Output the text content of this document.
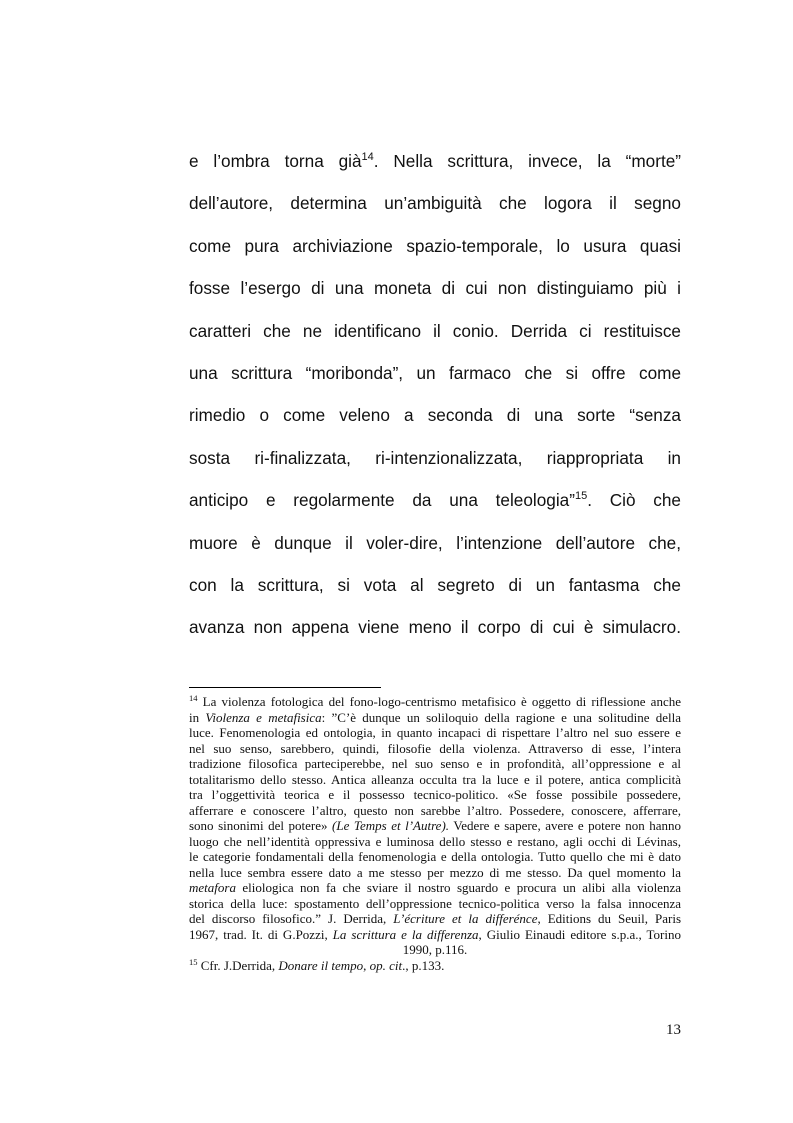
e l’ombra torna già$^{14}$. Nella scrittura, invece, la “morte”
dell’autore, determina un’ambiguità che logora il segno
come pura archiviazione spazio-temporale, lo usura quasi
fosse l’esergo di una moneta di cui non distinguiamo più i
caratteri che ne identificano il conio. Derrida ci restituisce
una scrittura “moribonda”, un farmaco che si offre come
rimedio o come veleno a seconda di una sorte “senza
sosta ri-finalizzata, ri-intenzionalizzata, riappropriata in
anticipo e regolarmente da una teleologia”$^{15}$. Ciò che
muore è dunque il voler-dire, l’intenzione dell’autore che,
con la scrittura, si vota al segreto di un fantasma che
avanza non appena viene meno il corpo di cui è simulacro.
$^{14}$ La violenza fotologica del fono-logo-centrismo metafisico è oggetto di riflessione anche
in Violenza e metafisica: ”C’è dunque un soliloquio della ragione e una solitudine della
luce. Fenomenologia ed ontologia, in quanto incapaci di rispettare l’altro nel suo essere e
nel suo senso, sarebbero, quindi, filosofie della violenza. Attraverso di esse, l’intera
tradizione filosofica parteciperebbe, nel suo senso e in profondità, all’oppressione e al
totalitarismo dello stesso. Antica alleanza occulta tra la luce e il potere, antica complicità
tra l’oggettività teorica e il possesso tecnico-politico. «Se fosse possibile possedere,
afferrare e conoscere l’altro, questo non sarebbe l’altro. Possedere, conoscere, afferrare,
sono sinonimi del potere» (Le Temps et l’Autre). Vedere e sapere, avere e potere non hanno
luogo che nell’identità oppressiva e luminosa dello stesso e restano, agli occhi di Lévinas,
le categorie fondamentali della fenomenologia e della ontologia. Tutto quello che mi è dato
nella luce sembra essere dato a me stesso per mezzo di me stesso. Da quel momento la
metafora eliologica non fa che sviare il nostro sguardo e procura un alibi alla violenza
storica della luce: spostamento dell’oppressione tecnico-politica verso la falsa innocenza
del discorso filosofico.” J. Derrida, L’écriture et la differénce, Editions du Seuil, Paris
1967, trad. It. di G.Pozzi, La scrittura e la differenza, Giulio Einaudi editore s.p.a., Torino
1990, p.116.
$^{15}$ Cfr. J.Derrida, Donare il tempo, op. cit., p.133.
13
